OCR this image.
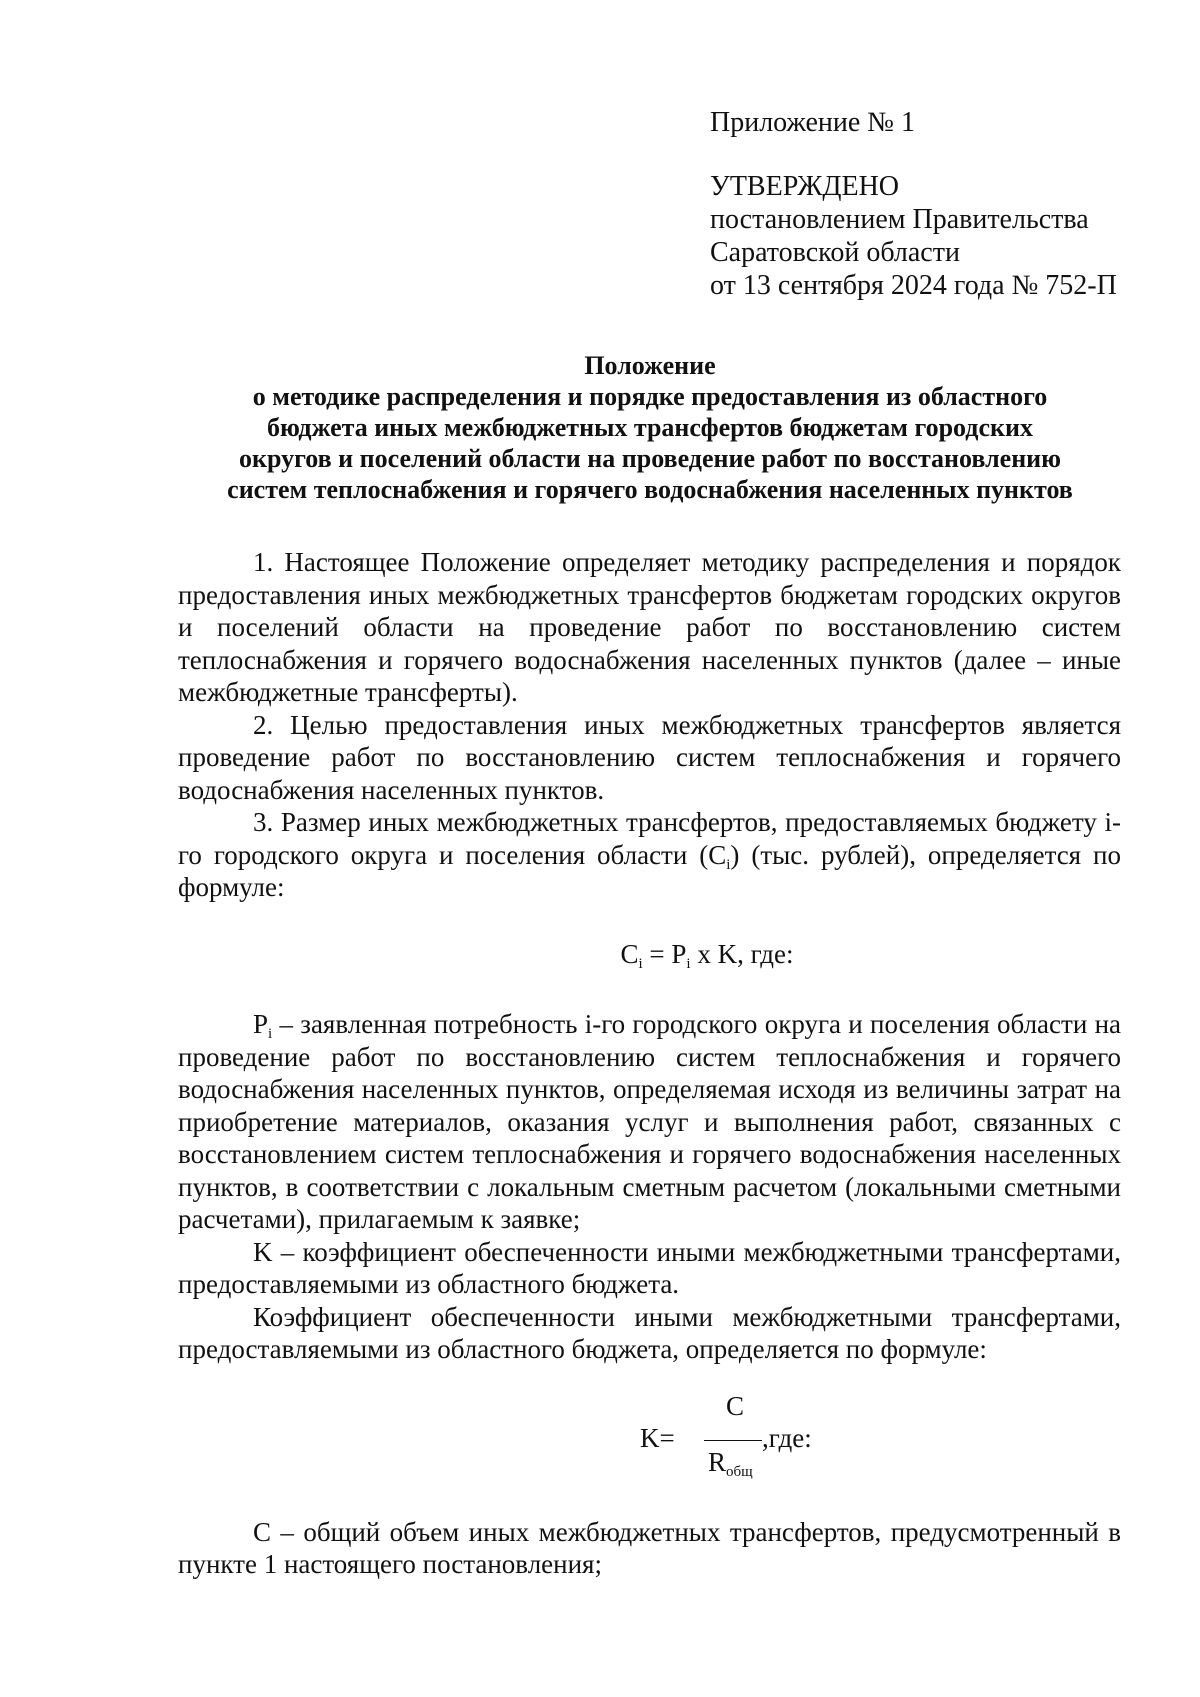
Приложение № 1
УТВЕРЖДЕНО
постановлением Правительства
Саратовской области
от 13 сентября 2024 года № 752-П
Положение
о методике распределения и порядке предоставления из областного
бюджета иных межбюджетных трансфертов бюджетам городских
округов и поселений области на проведение работ по восстановлению
систем теплоснабжения и горячего водоснабжения населенных пунктов

1. Настоящее Положение определяет методику распределения и порядок предоставления иных межбюджетных трансфертов бюджетам городских округов и поселений области на проведение работ по восстановлению систем теплоснабжения и горячего водоснабжения населенных пунктов (далее – иные межбюджетные трансферты).

2. Целью предоставления иных межбюджетных трансфертов является проведение работ по восстановлению систем теплоснабжения и горячего водоснабжения населенных пунктов.

3. Размер иных межбюджетных трансфертов, предоставляемых бюджету i-го городского округа и поселения области $(C_i)$ (тыс. рублей), определяется по формуле:

$C_i = P_i$ x K, где:

$P_i$ – заявленная потребность i-го городского округа и поселения области на проведение работ по восстановлению систем теплоснабжения и горячего водоснабжения населенных пунктов, определяемая исходя из величины затрат на приобретение материалов, оказания услуг и выполнения работ, связанных с восстановлением систем теплоснабжения и горячего водоснабжения населенных пунктов, в соответствии с локальным сметным расчетом (локальными сметными расчетами), прилагаемым к заявке;

K – коэффициент обеспеченности иными межбюджетными трансфертами, предоставляемыми из областного бюджета.

Коэффициент обеспеченности иными межбюджетными трансфертами, предоставляемыми из областного бюджета, определяется по формуле:

K=
C
$R_{общ}$
,где:

C – общий объем иных межбюджетных трансфертов, предусмотренный в пункте 1 настоящего постановления;
